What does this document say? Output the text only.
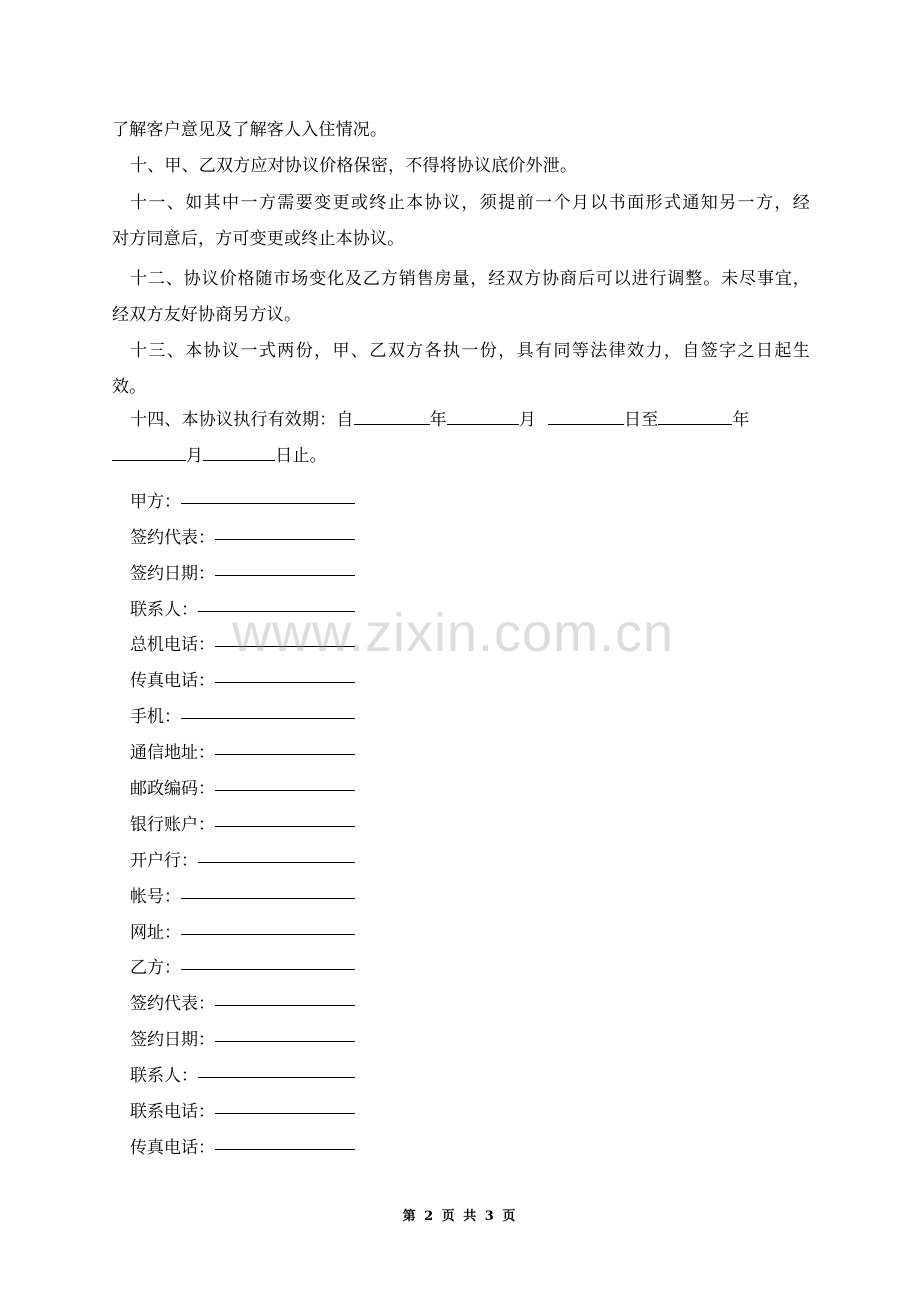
了解客户意见及了解客人入住情况。
十、甲、乙双方应对协议价格保密，不得将协议底价外泄。
十一、如其中一方需要变更或终止本协议，须提前一个月以书面形式通知另一方，经
对方同意后，方可变更或终止本协议。
十二、协议价格随市场变化及乙方销售房量，经双方协商后可以进行调整。未尽事宜，
经双方友好协商另方议。
十三、本协议一式两份，甲、乙双方各执一份，具有同等法律效力，自签字之日起生
效。
十四、本协议执行有效期：自	年	月	日至	年
月	日止。
甲方：
签约代表：
签约日期：
联系人：
总机电话：
传真电话：
手机：
通信地址：
邮政编码：
银行账户：
开户行：
帐号：
网址：
乙方：
签约代表：
签约日期：
联系人：
联系电话：
传真电话：
www.zixin.com.cn
第 2 页 共 3 页
